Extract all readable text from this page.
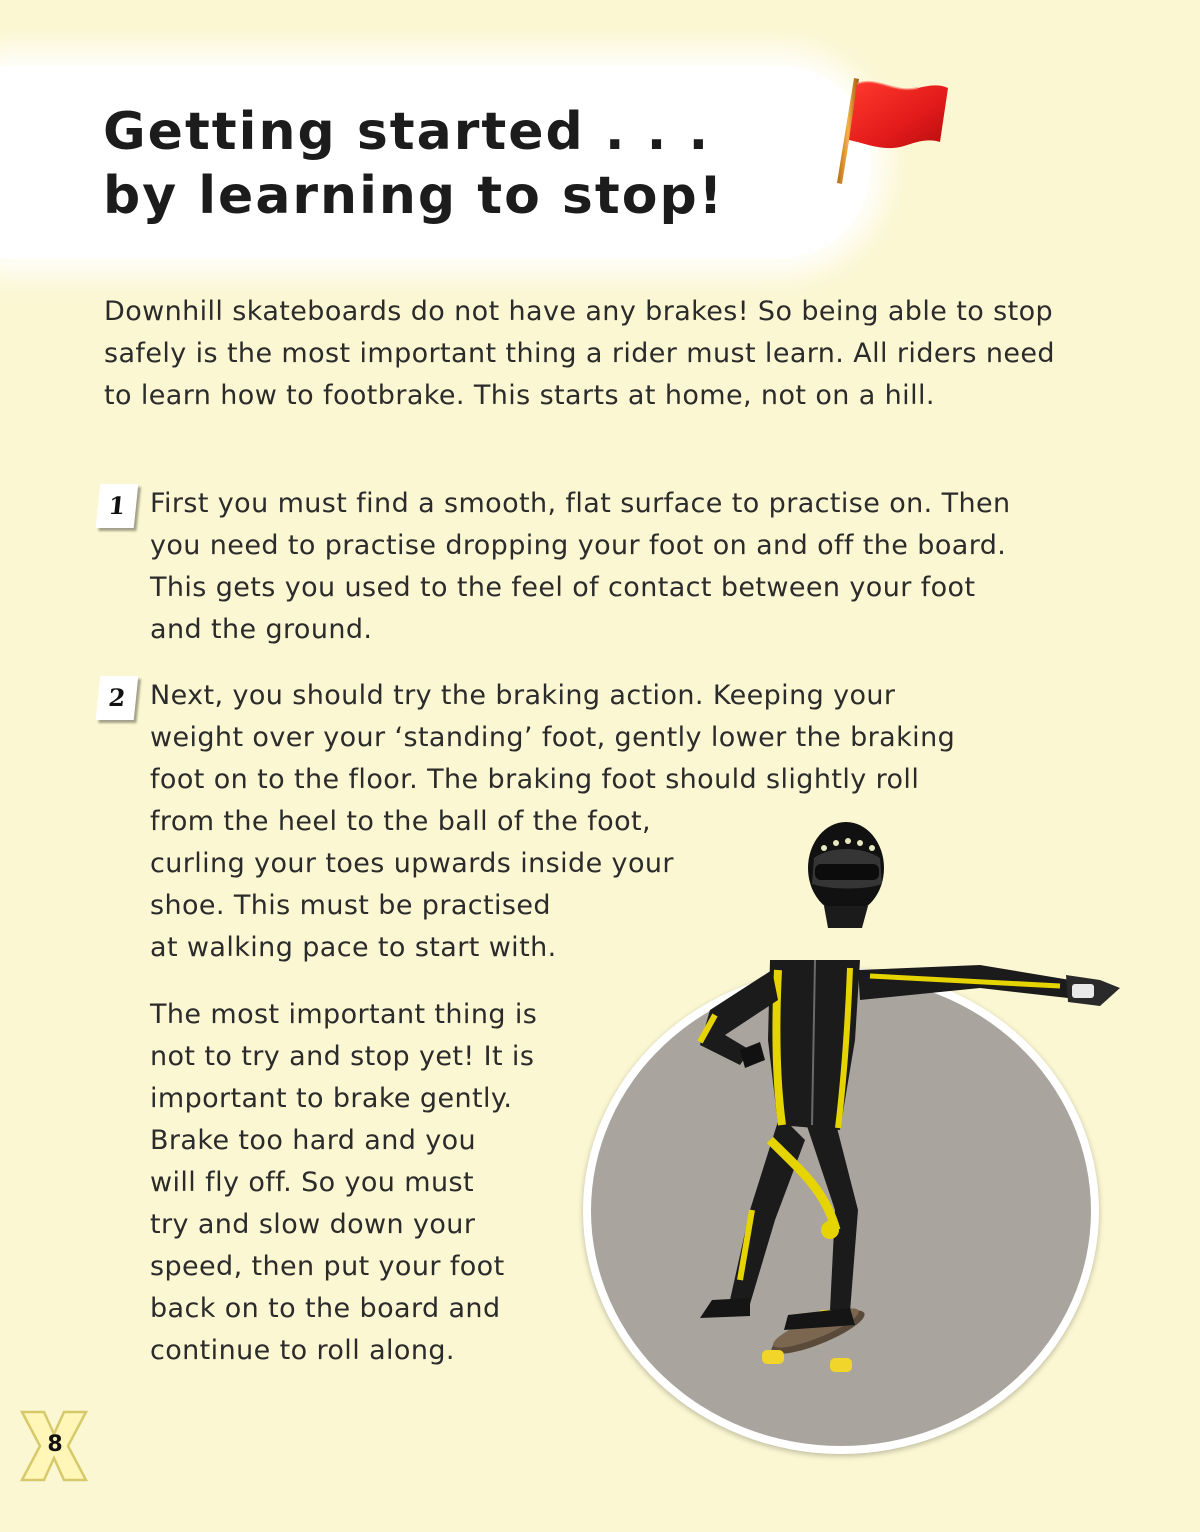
Getting started . . .
by learning to stop!

Downhill skateboards do not have any brakes! So being able to stop safely is the most important thing a rider must learn. All riders need to learn how to footbrake. This starts at home, not on a hill.

1 First you must find a smooth, flat surface to practise on. Then you need to practise dropping your foot on and off the board. This gets you used to the feel of contact between your foot and the ground.

2 Next, you should try the braking action. Keeping your

weight over your ‘standing’ foot, gently lower the braking

foot on to the floor. The braking foot should slightly roll

from the heel to the ball of the foot,

curling your toes upwards inside your

shoe. This must be practised

at walking pace to start with.

The most important thing is

not to try and stop yet! It is

important to brake gently.

Brake too hard and you

will fly off. So you must

try and slow down your

speed, then put your foot

back on to the board and

continue to roll along.

8
